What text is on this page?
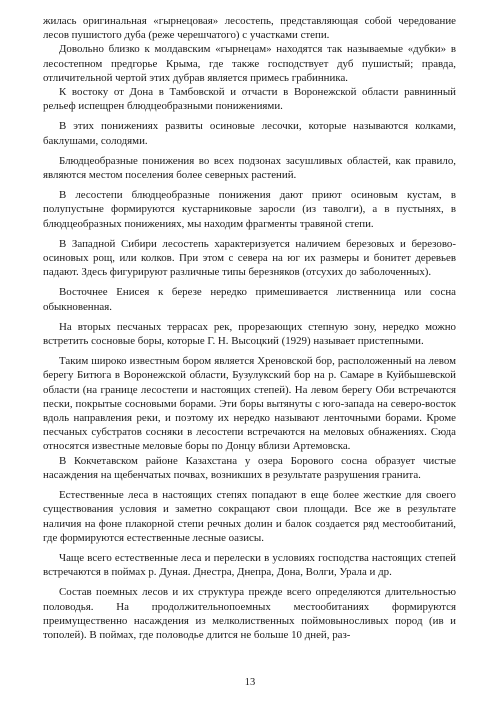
жилась оригинальная «гырнецовая» лесостепь, представляющая собой чередование лесов пушистого дуба (реже черешчатого) с участками степи.

Довольно близко к молдавским «гырнецам» находятся так называемые «дубки» в лесостепном предгорье Крыма, где также господствует дуб пушистый; правда, отличительной чертой этих дубрав является примесь грабинника.

К востоку от Дона в Тамбовской и отчасти в Воронежской области равнинный рельеф испещрен блюдцеобразными понижениями.

В этих понижениях развиты осиновые лесочки, которые называются колками, баклушами, солодями.

Блюдцеобразные понижения во всех подзонах засушливых областей, как правило, являются местом поселения более северных растений.

В лесостепи блюдцеобразные понижения дают приют осиновым кустам, в полупустыне формируются кустарниковые заросли (из таволги), а в пустынях, в блюдцеобразных понижениях, мы находим фрагменты травяной степи.

В Западной Сибири лесостепь характеризуется наличием березовых и березово-осиновых рощ, или колков. При этом с севера на юг их размеры и бонитет деревьев падают. Здесь фигурируют различные типы березняков (отсухих до заболоченных).

Восточнее Енисея к березе нередко примешивается лиственница или сосна обыкновенная.

На вторых песчаных террасах рек, прорезающих степную зону, нередко можно встретить сосновые боры, которые Г. Н. Высоцкий (1929) называет пристепными.

Таким широко известным бором является Хреновской бор, расположенный на левом берегу Битюга в Воронежской области, Бузулукский бор на р. Самаре в Куйбышевской области (на границе лесостепи и настоящих степей). На левом берегу Оби встречаются пески, покрытые сосновыми борами. Эти боры вытянуты с юго-запада на северо-восток вдоль направления реки, и поэтому их нередко называют ленточными борами. Кроме песчаных субстратов сосняки в лесостепи встречаются на меловых обнажениях. Сюда относятся известные меловые боры по Донцу вблизи Артемовска.

В Кокчетавском районе Казахстана у озера Борового сосна образует чистые насаждения на щебенчатых почвах, возникших в результате разрушения гранита.

Естественные леса в настоящих степях попадают в еще более жесткие для своего существования условия и заметно сокращают свои площади. Все же в результате наличия на фоне плакорной степи речных долин и балок создается ряд местообитаний, где формируются естественные лесные оазисы.

Чаще всего естественные леса и перелески в условиях господства настоящих степей встречаются в поймах р. Дуная. Днестра, Днепра, Дона, Волги, Урала и др.

Состав поемных лесов и их структура прежде всего определяются длительностью половодья. На продолжительнопоемных местообитаниях формируются преимущественно насаждения из мелколиственных поймовыносливых пород (ив и тополей). В поймах, где половодье длится не больше 10 дней, раз-

13
